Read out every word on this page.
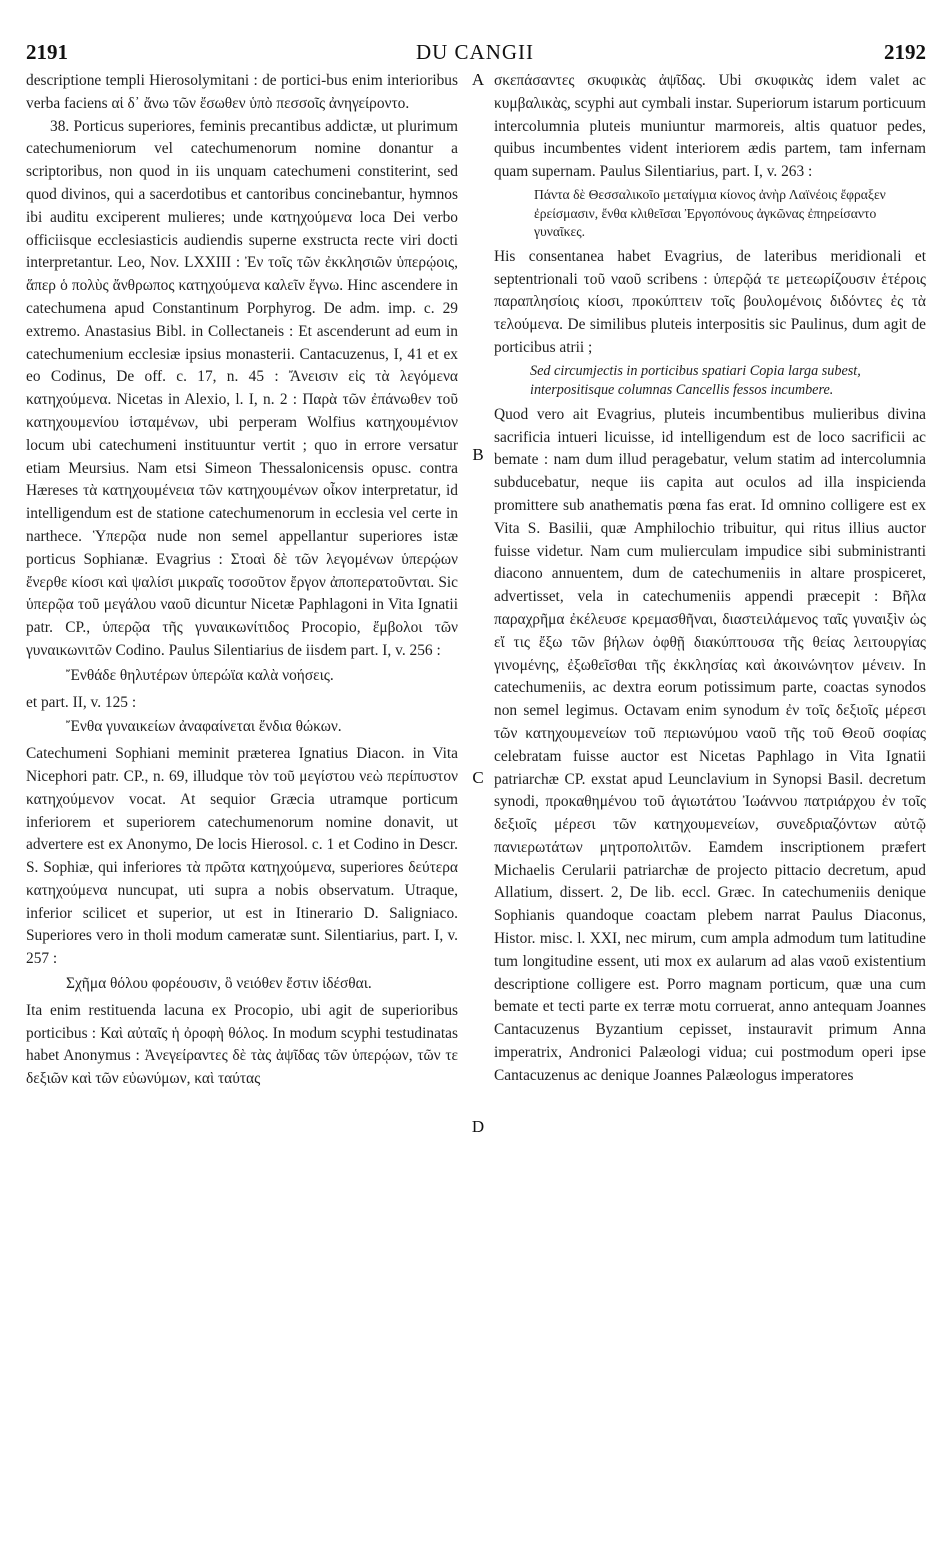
2191	DU CANGII	2192
A
B
C
D

descriptione templi Hierosolymitani : de portici-bus enim interioribus verba faciens αἱ δ᾽ ἄνω τῶν ἔσωθεν ὑπὸ πεσσοῖς ἀνηγείροντο.

38. Porticus superiores, feminis precantibus addictæ, ut plurimum catechumeniorum vel catechumenorum nomine donantur a scriptoribus, non quod in iis unquam catechumeni constiterint, sed quod divinos, qui a sacerdotibus et cantoribus concinebantur, hymnos ibi auditu exciperent mulieres; unde κατηχούμενα loca Dei verbo officiisque ecclesiasticis audiendis superne exstructa recte viri docti interpretantur. Leo, Nov. LXXIII : Ἐν τοῖς τῶν ἐκκλησιῶν ὑπερῴοις, ἅπερ ὁ πολὺς ἄνθρωπος κατηχούμενα καλεῖν ἔγνω. Hinc ascendere in catechumena apud Constantinum Porphyrog. De adm. imp. c. 29 extremo. Anastasius Bibl. in Collectaneis : Et ascenderunt ad eum in catechumenium ecclesiæ ipsius monasterii. Cantacuzenus, I, 41 et ex eo Codinus, De off. c. 17, n. 45 : Ἄνεισιν εἰς τὰ λεγόμενα κατηχούμενα. Nicetas in Alexio, l. I, n. 2 : Παρὰ τῶν ἐπάνωθεν τοῦ κατηχουμενίου ἱσταμένων, ubi perperam Wolfius κατηχουμένιον locum ubi catechumeni instituuntur vertit ; quo in errore versatur etiam Meursius. Nam etsi Simeon Thessalonicensis opusc. contra Hæreses τὰ κατηχουμένεια τῶν κατηχουμένων οἶκον interpretatur, id intelligendum est de statione catechumenorum in ecclesia vel certe in narthece. Ὑπερῷα nude non semel appellantur superiores istæ porticus Sophianæ. Evagrius : Στοαὶ δὲ τῶν λεγομένων ὑπερῴων ἔνερθε κίοσι καὶ ψαλίσι μικραῖς τοσοῦτον ἔργον ἀποπερατοῦνται. Sic ὑπερῷα τοῦ μεγάλου ναοῦ dicuntur Nicetæ Paphlagoni in Vita Ignatii patr. CP., ὑπερῷα τῆς γυναικωνίτιδος Procopio, ἔμβολοι τῶν γυναικωνιτῶν Codino. Paulus Silentiarius de iisdem part. I, v. 256 :

Ἔνθάδε θηλυτέρων ὑπερώϊα καλὰ νοήσεις.

et part. II, v. 125 :

Ἔνθα γυναικείων ἀναφαίνεται ἔνδια θώκων.

Catechumeni Sophiani meminit præterea Ignatius Diacon. in Vita Nicephori patr. CP., n. 69, illudque τὸν τοῦ μεγίστου νεὼ περίπυστον κατηχούμενον vocat. At sequior Græcia utramque porticum inferiorem et superiorem catechumenorum nomine donavit, ut advertere est ex Anonymo, De locis Hierosol. c. 1 et Codino in Descr. S. Sophiæ, qui inferiores τὰ πρῶτα κατηχούμενα, superiores δεύτερα κατηχούμενα nuncupat, uti supra a nobis observatum. Utraque, inferior scilicet et superior, ut est in Itinerario D. Saligniaco. Superiores vero in tholi modum cameratæ sunt. Silentiarius, part. I, v. 257 :

Σχῆμα θόλου φορέουσιν, ὃ νειόθεν ἔστιν ἰδέσθαι.

Ita enim restituenda lacuna ex Procopio, ubi agit de superioribus porticibus : Καὶ αὐταῖς ἡ ὀροφὴ θόλος. In modum scyphi testudinatas habet Anonymus : Ἀνεγείραντες δὲ τὰς ἀψῖδας τῶν ὑπερῴων, τῶν τε δεξιῶν καὶ τῶν εὐωνύμων, καὶ ταύτας

σκεπάσαντες σκυφικὰς ἀψῖδας. Ubi σκυφικὰς idem valet ac κυμβαλικὰς, scyphi aut cymbali instar. Superiorum istarum porticuum intercolumnia pluteis muniuntur marmoreis, altis quatuor pedes, quibus incumbentes vident interiorem ædis partem, tam infernam quam supernam. Paulus Silentiarius, part. I, v. 263 :

Πάντα δὲ Θεσσαλικοῖο μεταίγμια κίονος ἀνὴρ Λαϊνέοις ἔφραξεν ἐρείσμασιν, ἔνθα κλιθεῖσαι Ἐργοπόνους ἀγκῶνας ἐπηρείσαντο γυναῖκες.

His consentanea habet Evagrius, de lateribus meridionali et septentrionali τοῦ ναοῦ scribens : ὑπερῷά τε μετεωρίζουσιν ἑτέροις παραπλησίοις κίοσι, προκύπτειν τοῖς βουλομένοις διδόντες ἐς τὰ τελούμενα. De similibus pluteis interpositis sic Paulinus, dum agit de porticibus atrii ;

Sed circumjectis in porticibus spatiari Copia larga subest, interpositisque columnas Cancellis fessos incumbere.

Quod vero ait Evagrius, pluteis incumbentibus mulieribus divina sacrificia intueri licuisse, id intelligendum est de loco sacrificii ac bemate : nam dum illud peragebatur, velum statim ad intercolumnia subducebatur, neque iis capita aut oculos ad illa inspicienda promittere sub anathematis pœna fas erat. Id omnino colligere est ex Vita S. Basilii, quæ Amphilochio tribuitur, qui ritus illius auctor fuisse videtur. Nam cum mulierculam impudice sibi subministranti diacono annuentem, dum de catechumeniis in altare prospiceret, advertisset, vela in catechumeniis appendi præcepit : Βῆλα παραχρῆμα ἐκέλευσε κρεμασθῆναι, διαστειλάμενος ταῖς γυναιξὶν ὡς εἴ τις ἔξω τῶν βήλων ὀφθῇ διακύπτουσα τῆς θείας λειτουργίας γινομένης, ἐξωθεῖσθαι τῆς ἐκκλησίας καὶ ἀκοινώνητον μένειν. In catechumeniis, ac dextra eorum potissimum parte, coactas synodos non semel legimus. Octavam enim synodum ἐν τοῖς δεξιοῖς μέρεσι τῶν κατηχουμενείων τοῦ περιωνύμου ναοῦ τῆς τοῦ Θεοῦ σοφίας celebratam fuisse auctor est Nicetas Paphlago in Vita Ignatii patriarchæ CP. exstat apud Leunclavium in Synopsi Basil. decretum synodi, προκαθημένου τοῦ ἁγιωτάτου Ἰωάννου πατριάρχου ἐν τοῖς δεξιοῖς μέρεσι τῶν κατηχουμενείων, συνεδριαζόντων αὐτῷ πανιερωτάτων μητροπολιτῶν. Eamdem inscriptionem præfert Michaelis Cerularii patriarchæ de projecto pittacio decretum, apud Allatium, dissert. 2, De lib. eccl. Græc. In catechumeniis denique Sophianis quandoque coactam plebem narrat Paulus Diaconus, Histor. misc. l. XXI, nec mirum, cum ampla admodum tum latitudine tum longitudine essent, uti mox ex aularum ad alas ναοῦ existentium descriptione colligere est. Porro magnam porticum, quæ una cum bemate et tecti parte ex terræ motu corruerat, anno antequam Joannes Cantacuzenus Byzantium cepisset, instauravit primum Anna imperatrix, Andronici Palæologi vidua; cui postmodum operi ipse Cantacuzenus ac denique Joannes Palæologus imperatores
